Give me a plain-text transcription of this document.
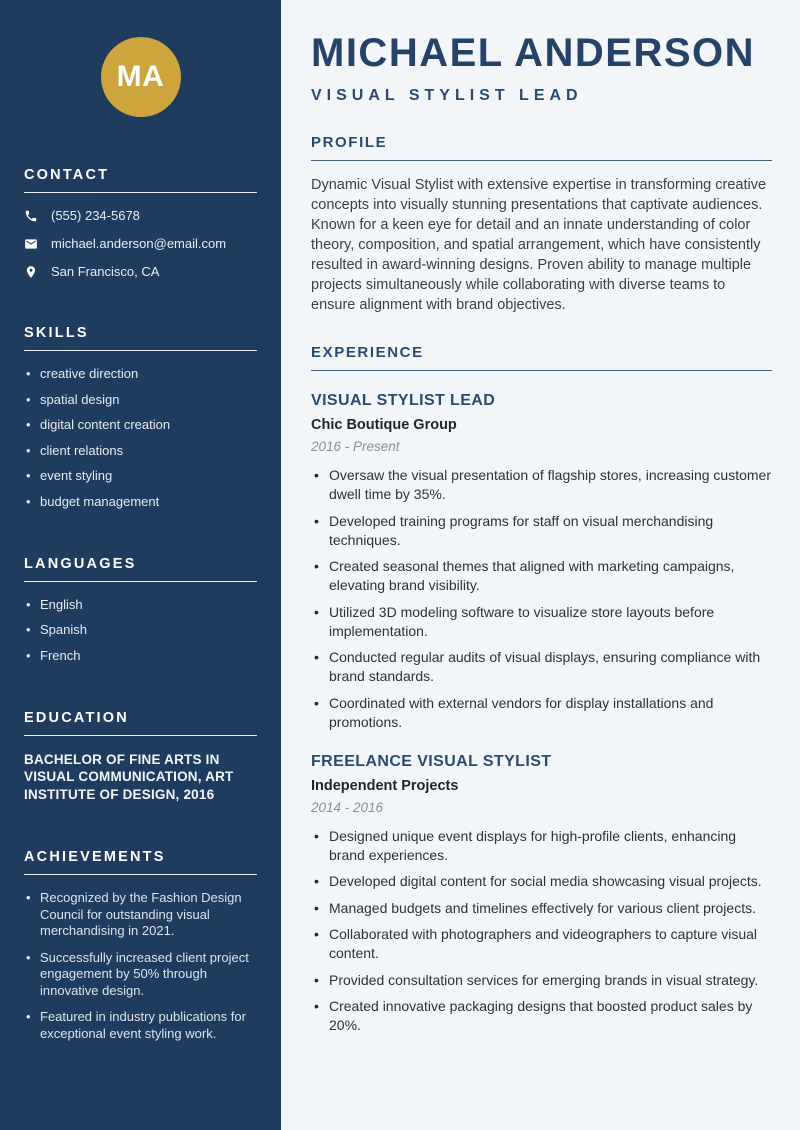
MA
CONTACT
(555) 234-5678
michael.anderson@email.com
San Francisco, CA
SKILLS
• creative direction
• spatial design
• digital content creation
• client relations
• event styling
• budget management
LANGUAGES
• English
• Spanish
• French
EDUCATION
BACHELOR OF FINE ARTS IN VISUAL COMMUNICATION, ART INSTITUTE OF DESIGN, 2016
ACHIEVEMENTS
• Recognized by the Fashion Design Council for outstanding visual merchandising in 2021.
• Successfully increased client project engagement by 50% through innovative design.
• Featured in industry publications for exceptional event styling work.
MICHAEL ANDERSON
VISUAL STYLIST LEAD
PROFILE

Dynamic Visual Stylist with extensive expertise in transforming creative concepts into visually stunning presentations that captivate audiences. Known for a keen eye for detail and an innate understanding of color theory, composition, and spatial arrangement, which have consistently resulted in award-winning designs. Proven ability to manage multiple projects simultaneously while collaborating with diverse teams to ensure alignment with brand objectives.

EXPERIENCE
VISUAL STYLIST LEAD
Chic Boutique Group
2016 - Present
• Oversaw the visual presentation of flagship stores, increasing customer dwell time by 35%.
• Developed training programs for staff on visual merchandising techniques.
• Created seasonal themes that aligned with marketing campaigns, elevating brand visibility.
• Utilized 3D modeling software to visualize store layouts before implementation.
• Conducted regular audits of visual displays, ensuring compliance with brand standards.
• Coordinated with external vendors for display installations and promotions.
FREELANCE VISUAL STYLIST
Independent Projects
2014 - 2016
• Designed unique event displays for high-profile clients, enhancing brand experiences.
• Developed digital content for social media showcasing visual projects.
• Managed budgets and timelines effectively for various client projects.
• Collaborated with photographers and videographers to capture visual content.
• Provided consultation services for emerging brands in visual strategy.
• Created innovative packaging designs that boosted product sales by 20%.
